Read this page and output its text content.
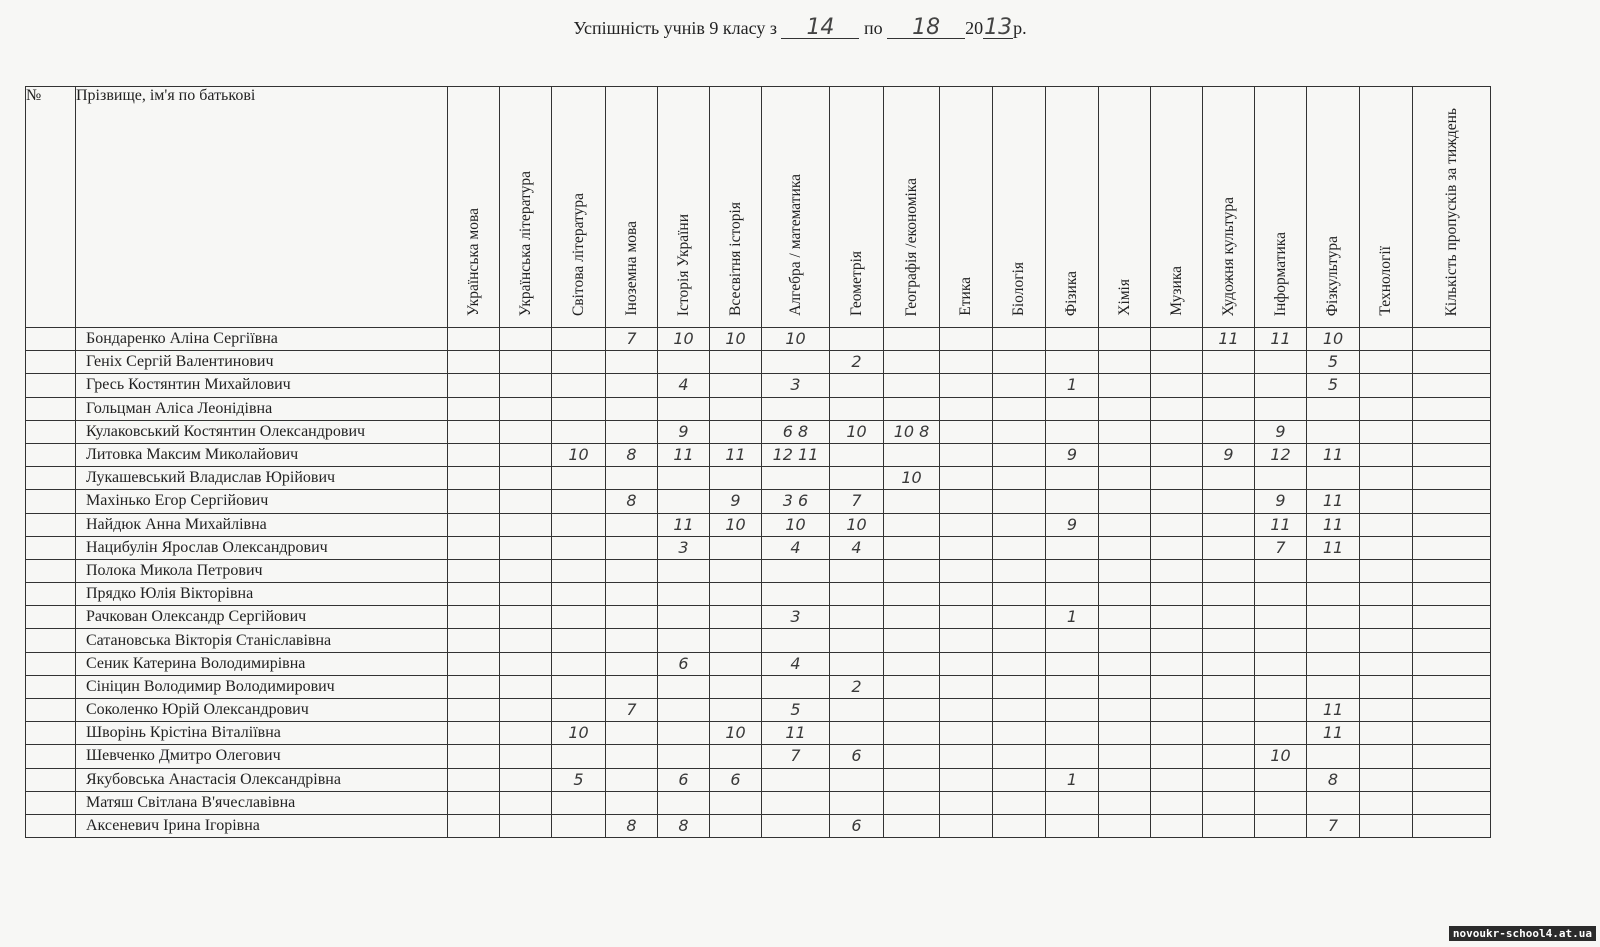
Успішність учнів 9 класу з 14 по 18 2013р.
№	Прізвище, ім'я по батькові	Українська мова	Українська література	Світова література	Іноземна мова	Історія України	Всесвітня історія	Алгебра / математика	Геометрія	Географія /економіка	Етика	Біологія	Фізика	Хімія	Музика	Художня культура	Інформатика	Фізкультура	Технології	Кількість пропусків за тиждень
	Бондаренко Аліна Сергіївна				7	10	10	10								11	11	10		
	Геніх Сергій Валентинович								2									5		
	Гресь Костянтин Михайлович					4		3					1					5		
	Гольцман Аліса Леонідівна																			
	Кулаковський Костянтин Олександрович					9		6 8	10	10 8							9			
	Литовка Максим Миколайович			10	8	11	11	12 11					9			9	12	11		
	Лукашевський Владислав Юрійович									10										
	Махінько Егор Сергійович				8		9	3 6	7								9	11		
	Найдюк Анна Михайлівна					11	10	10	10				9				11	11		
	Нацибулін Ярослав Олександрович					3		4	4								7	11		
	Полока Микола Петрович																			
	Прядко Юлія Вікторівна																			
	Рачкован Олександр Сергійович							3					1							
	Сатановська Вікторія Станіславівна																			
	Сеник Катерина Володимирівна					6		4												
	Сініцин Володимир Володимирович								2											
	Соколенко Юрій Олександрович				7			5										11		
	Шворінь Крістіна Віталіївна			10			10	11										11		
	Шевченко Дмитро Олегович							7	6								10			
	Якубовська Анастасія Олександрівна			5		6	6						1					8		
	Матяш Світлана В'ячеславівна																			
	Аксеневич Ірина Ігорівна				8	8			6									7		
novoukr-school4.at.ua
